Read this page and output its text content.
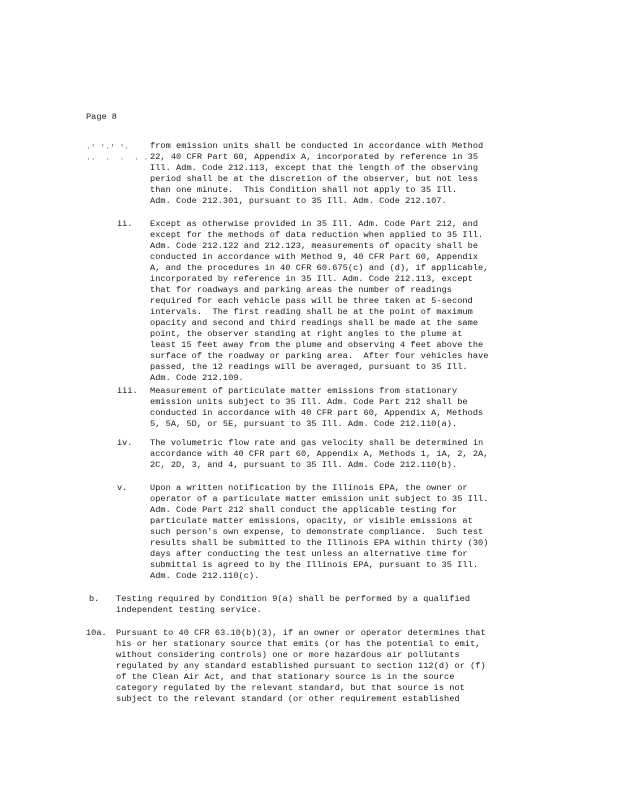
Page 8
·' '·' '·
··  ·  ·  · ·
from emission units shall be conducted in accordance with Method
22, 40 CFR Part 60, Appendix A, incorporated by reference in 35
Ill. Adm. Code 212.113, except that the length of the observing
period shall be at the discretion of the observer, but not less
than one minute.  This Condition shall not apply to 35 Ill.
Adm. Code 212.301, pursuant to 35 Ill. Adm. Code 212.107.
ii. Except as otherwise provided in 35 Ill. Adm. Code Part 212, and
except for the methods of data reduction when applied to 35 Ill.
Adm. Code 212.122 and 212.123, measurements of opacity shall be
conducted in accordance with Method 9, 40 CFR Part 60, Appendix
A, and the procedures in 40 CFR 60.675(c) and (d), if applicable,
incorporated by reference in 35 Ill. Adm. Code 212.113, except
that for roadways and parking areas the number of readings
required for each vehicle pass will be three taken at 5-second
intervals.  The first reading shall be at the point of maximum
opacity and second and third readings shall be made at the same
point, the observer standing at right angles to the plume at
least 15 feet away from the plume and observing 4 feet above the
surface of the roadway or parking area.  After four vehicles have
passed, the 12 readings will be averaged, pursuant to 35 Ill.
Adm. Code 212.109.
iii. Measurement of particulate matter emissions from stationary
emission units subject to 35 Ill. Adm. Code Part 212 shall be
conducted in accordance with 40 CFR part 60, Appendix A, Methods
5, 5A, 5D, or 5E, pursuant to 35 Ill. Adm. Code 212.110(a).
iv. The volumetric flow rate and gas velocity shall be determined in
accordance with 40 CFR part 60, Appendix A, Methods 1, 1A, 2, 2A,
2C, 2D, 3, and 4, pursuant to 35 Ill. Adm. Code 212.110(b).
v.	Upon a written notification by the Illinois EPA, the owner or
operator of a particulate matter emission unit subject to 35 Ill.
Adm. Code Part 212 shall conduct the applicable testing for
particulate matter emissions, opacity, or visible emissions at
such person's own expense, to demonstrate compliance.  Such test
results shall be submitted to the Illinois EPA within thirty (30)
days after conducting the test unless an alternative time for
submittal is agreed to by the Illinois EPA, pursuant to 35 Ill.
Adm. Code 212.110(c).
b. Testing required by Condition 9(a) shall be performed by a qualified
independent testing service.
10a. Pursuant to 40 CFR 63.10(b)(3), if an owner or operator determines that
his or her stationary source that emits (or has the potential to emit,
without considering controls) one or more hazardous air pollutants
regulated by any standard established pursuant to section 112(d) or (f)
of the Clean Air Act, and that stationary source is in the source
category regulated by the relevant standard, but that source is not
subject to the relevant standard (or other requirement established
